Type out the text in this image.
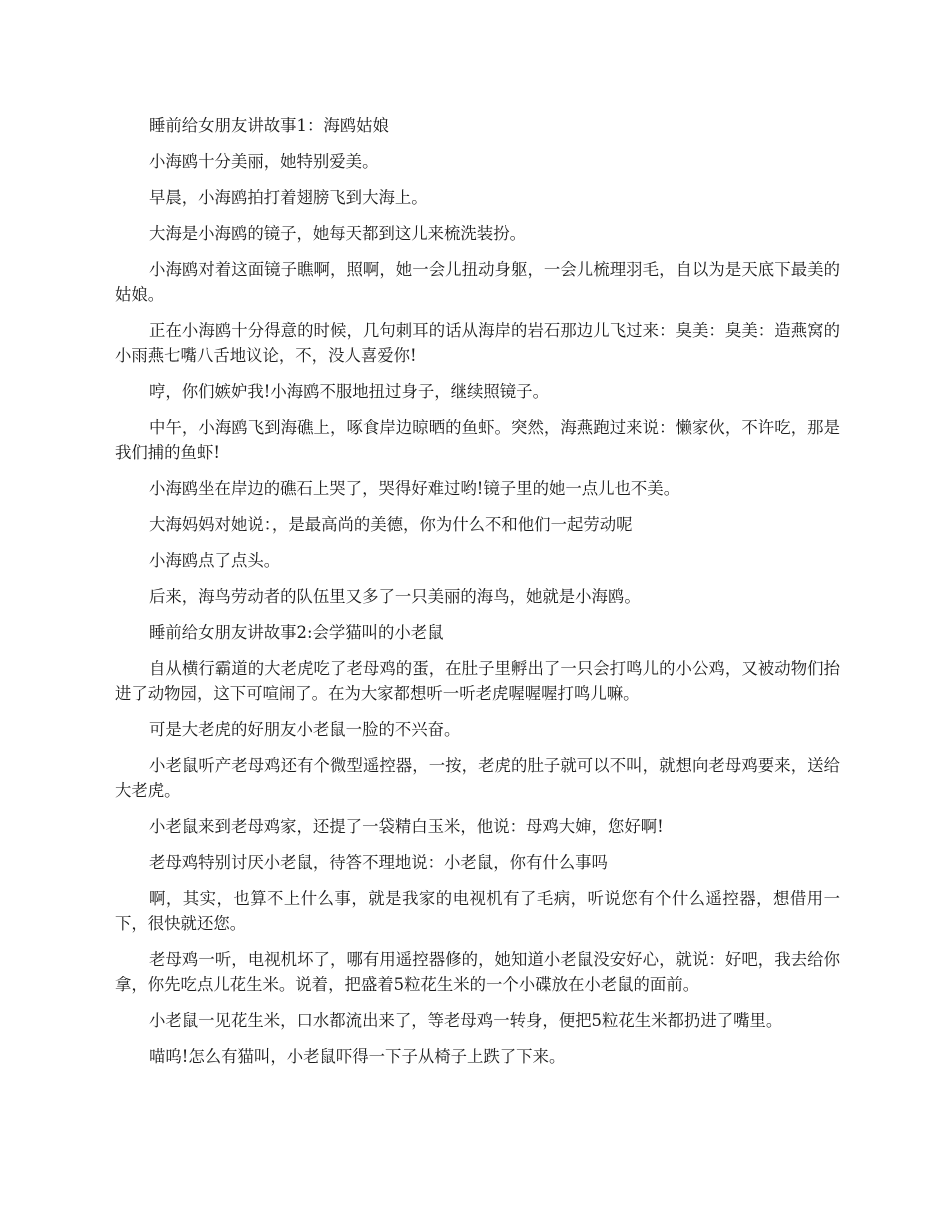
睡前给女朋友讲故事1：海鸥姑娘

小海鸥十分美丽，她特别爱美。

早晨，小海鸥拍打着翅膀飞到大海上。

大海是小海鸥的镜子，她每天都到这儿来梳洗装扮。

小海鸥对着这面镜子瞧啊，照啊，她一会儿扭动身躯，一会儿梳理羽毛，自以为是天底下最美的姑娘。

正在小海鸥十分得意的时候，几句刺耳的话从海岸的岩石那边儿飞过来：臭美：臭美：造燕窝的小雨燕七嘴八舌地议论，不，没人喜爱你!

哼，你们嫉妒我!小海鸥不服地扭过身子，继续照镜子。

中午，小海鸥飞到海礁上，啄食岸边晾晒的鱼虾。突然，海燕跑过来说：懒家伙，不许吃，那是我们捕的鱼虾!

小海鸥坐在岸边的礁石上哭了，哭得好难过哟!镜子里的她一点儿也不美。

大海妈妈对她说：，是最高尚的美德，你为什么不和他们一起劳动呢

小海鸥点了点头。

后来，海鸟劳动者的队伍里又多了一只美丽的海鸟，她就是小海鸥。

睡前给女朋友讲故事2:会学猫叫的小老鼠

自从横行霸道的大老虎吃了老母鸡的蛋，在肚子里孵出了一只会打鸣儿的小公鸡，又被动物们抬进了动物园，这下可喧闹了。在为大家都想听一听老虎喔喔喔打鸣儿嘛。

可是大老虎的好朋友小老鼠一脸的不兴奋。

小老鼠听产老母鸡还有个微型遥控器，一按，老虎的肚子就可以不叫，就想向老母鸡要来，送给大老虎。

小老鼠来到老母鸡家，还提了一袋精白玉米，他说：母鸡大婶，您好啊!

老母鸡特别讨厌小老鼠，待答不理地说：小老鼠，你有什么事吗

啊，其实，也算不上什么事，就是我家的电视机有了毛病，听说您有个什么遥控器，想借用一下，很快就还您。

老母鸡一听，电视机坏了，哪有用遥控器修的，她知道小老鼠没安好心，就说：好吧，我去给你拿，你先吃点儿花生米。说着，把盛着5粒花生米的一个小碟放在小老鼠的面前。

小老鼠一见花生米，口水都流出来了，等老母鸡一转身，便把5粒花生米都扔进了嘴里。

喵呜!怎么有猫叫，小老鼠吓得一下子从椅子上跌了下来。
